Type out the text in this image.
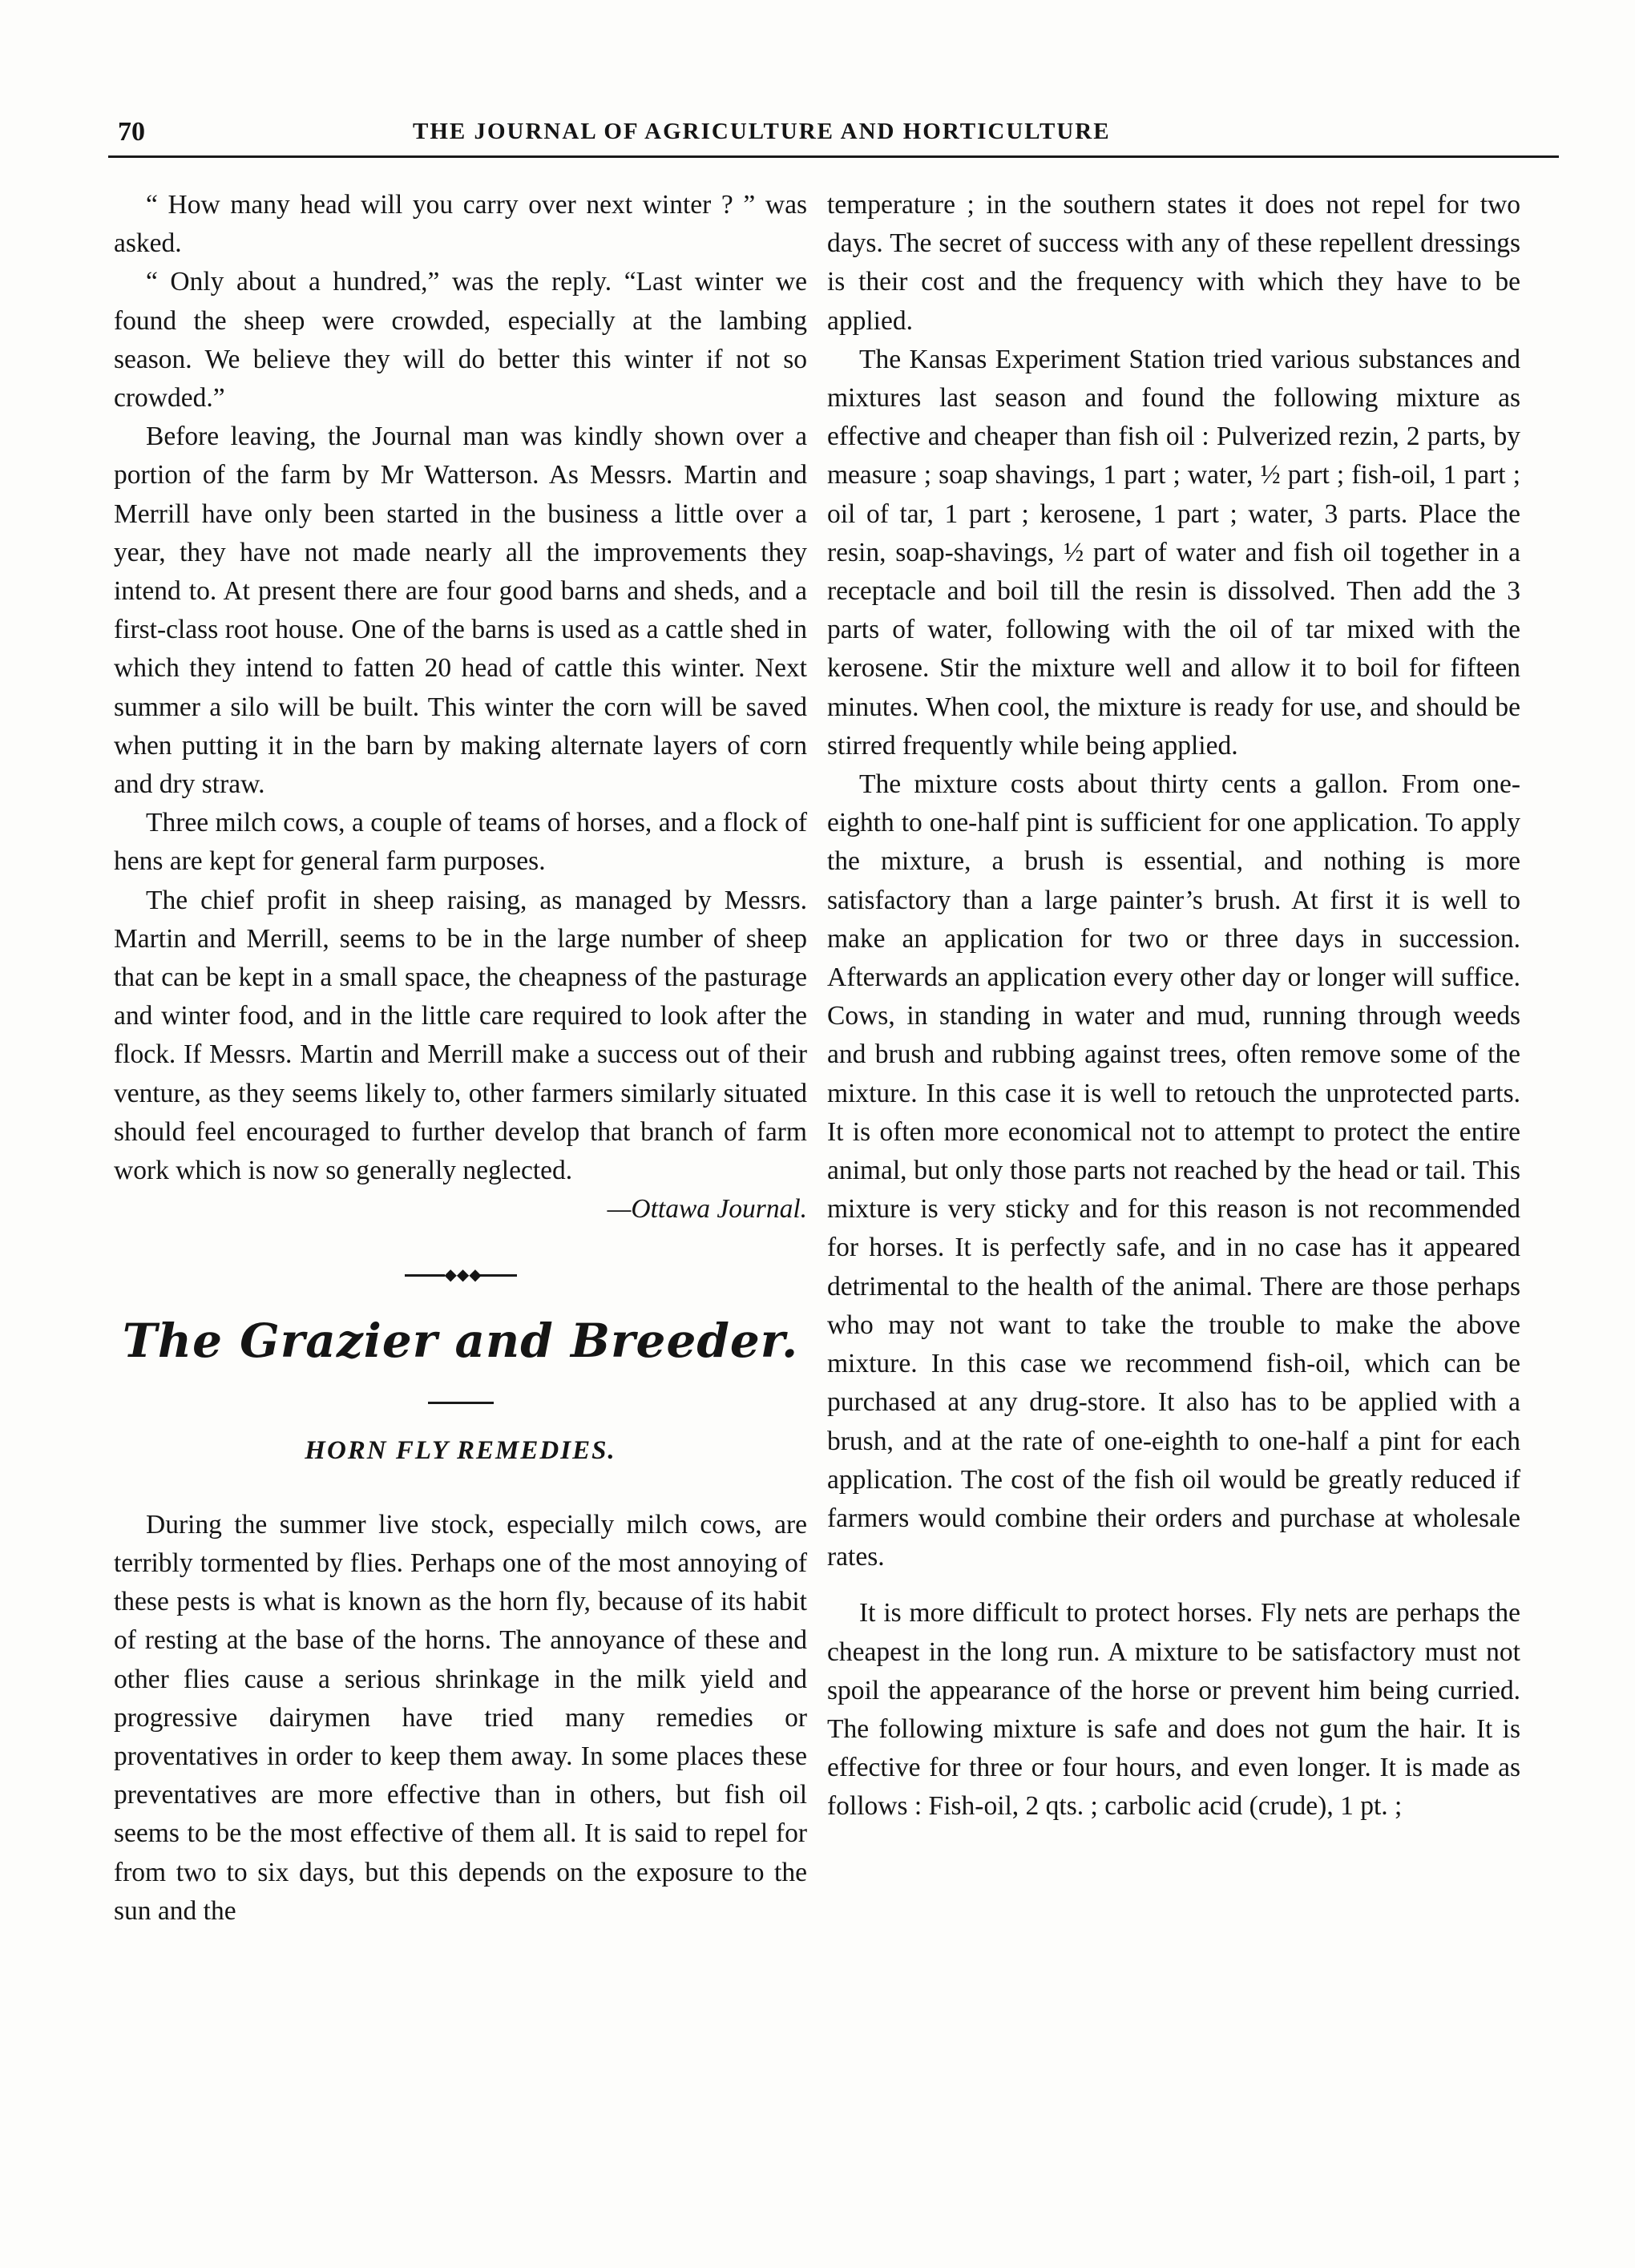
70	THE JOURNAL OF AGRICULTURE AND HORTICULTURE

“ How many head will you carry over next winter ? ” was asked.

“ Only about a hundred,” was the reply. “Last winter we found the sheep were crowded, especially at the lambing season. We believe they will do better this winter if not so crowded.”

Before leaving, the Journal man was kindly shown over a portion of the farm by Mr Watterson. As Messrs. Martin and Merrill have only been started in the business a little over a year, they have not made nearly all the improvements they intend to. At present there are four good barns and sheds, and a first-class root house. One of the barns is used as a cattle shed in which they intend to fatten 20 head of cattle this winter. Next summer a silo will be built. This winter the corn will be saved when putting it in the barn by making alternate layers of corn and dry straw.

Three milch cows, a couple of teams of horses, and a flock of hens are kept for general farm purposes.

The chief profit in sheep raising, as managed by Messrs. Martin and Merrill, seems to be in the large number of sheep that can be kept in a small space, the cheapness of the pasturage and winter food, and in the little care required to look after the flock. If Messrs. Martin and Merrill make a success out of their venture, as they seems likely to, other farmers similarly situated should feel encouraged to further develop that branch of farm work which is now so generally neglected.

—Ottawa Journal.

◆◆◆
The Grazier and Breeder.
HORN FLY REMEDIES.

During the summer live stock, especially milch cows, are terribly tormented by flies. Perhaps one of the most annoying of these pests is what is known as the horn fly, because of its habit of resting at the base of the horns. The annoyance of these and other flies cause a serious shrinkage in the milk yield and progressive dairymen have tried many remedies or proventatives in order to keep them away. In some places these preventatives are more effective than in others, but fish oil seems to be the most effective of them all. It is said to repel for from two to six days, but this depends on the exposure to the sun and the

temperature ; in the southern states it does not repel for two days. The secret of success with any of these repellent dressings is their cost and the frequency with which they have to be applied.

The Kansas Experiment Station tried various substances and mixtures last season and found the following mixture as effective and cheaper than fish oil : Pulverized rezin, 2 parts, by measure ; soap shavings, 1 part ; water, ½ part ; fish-oil, 1 part ; oil of tar, 1 part ; kerosene, 1 part ; water, 3 parts. Place the resin, soap-shavings, ½ part of water and fish oil together in a receptacle and boil till the resin is dissolved. Then add the 3 parts of water, following with the oil of tar mixed with the kerosene. Stir the mixture well and allow it to boil for fifteen minutes. When cool, the mixture is ready for use, and should be stirred frequently while being applied.

The mixture costs about thirty cents a gallon. From one-eighth to one-half pint is sufficient for one application. To apply the mixture, a brush is essential, and nothing is more satisfactory than a large painter’s brush. At first it is well to make an application for two or three days in succession. Afterwards an application every other day or longer will suffice. Cows, in standing in water and mud, running through weeds and brush and rubbing against trees, often remove some of the mixture. In this case it is well to retouch the unprotected parts. It is often more economical not to attempt to protect the entire animal, but only those parts not reached by the head or tail. This mixture is very sticky and for this reason is not recommended for horses. It is perfectly safe, and in no case has it appeared detrimental to the health of the animal. There are those perhaps who may not want to take the trouble to make the above mixture. In this case we recommend fish-oil, which can be purchased at any drug-store. It also has to be applied with a brush, and at the rate of one-eighth to one-half a pint for each application. The cost of the fish oil would be greatly reduced if farmers would combine their orders and purchase at wholesale rates.

It is more difficult to protect horses. Fly nets are perhaps the cheapest in the long run. A mixture to be satisfactory must not spoil the appearance of the horse or prevent him being curried. The following mixture is safe and does not gum the hair. It is effective for three or four hours, and even longer. It is made as follows : Fish-oil, 2 qts. ; carbolic acid (crude), 1 pt. ;
